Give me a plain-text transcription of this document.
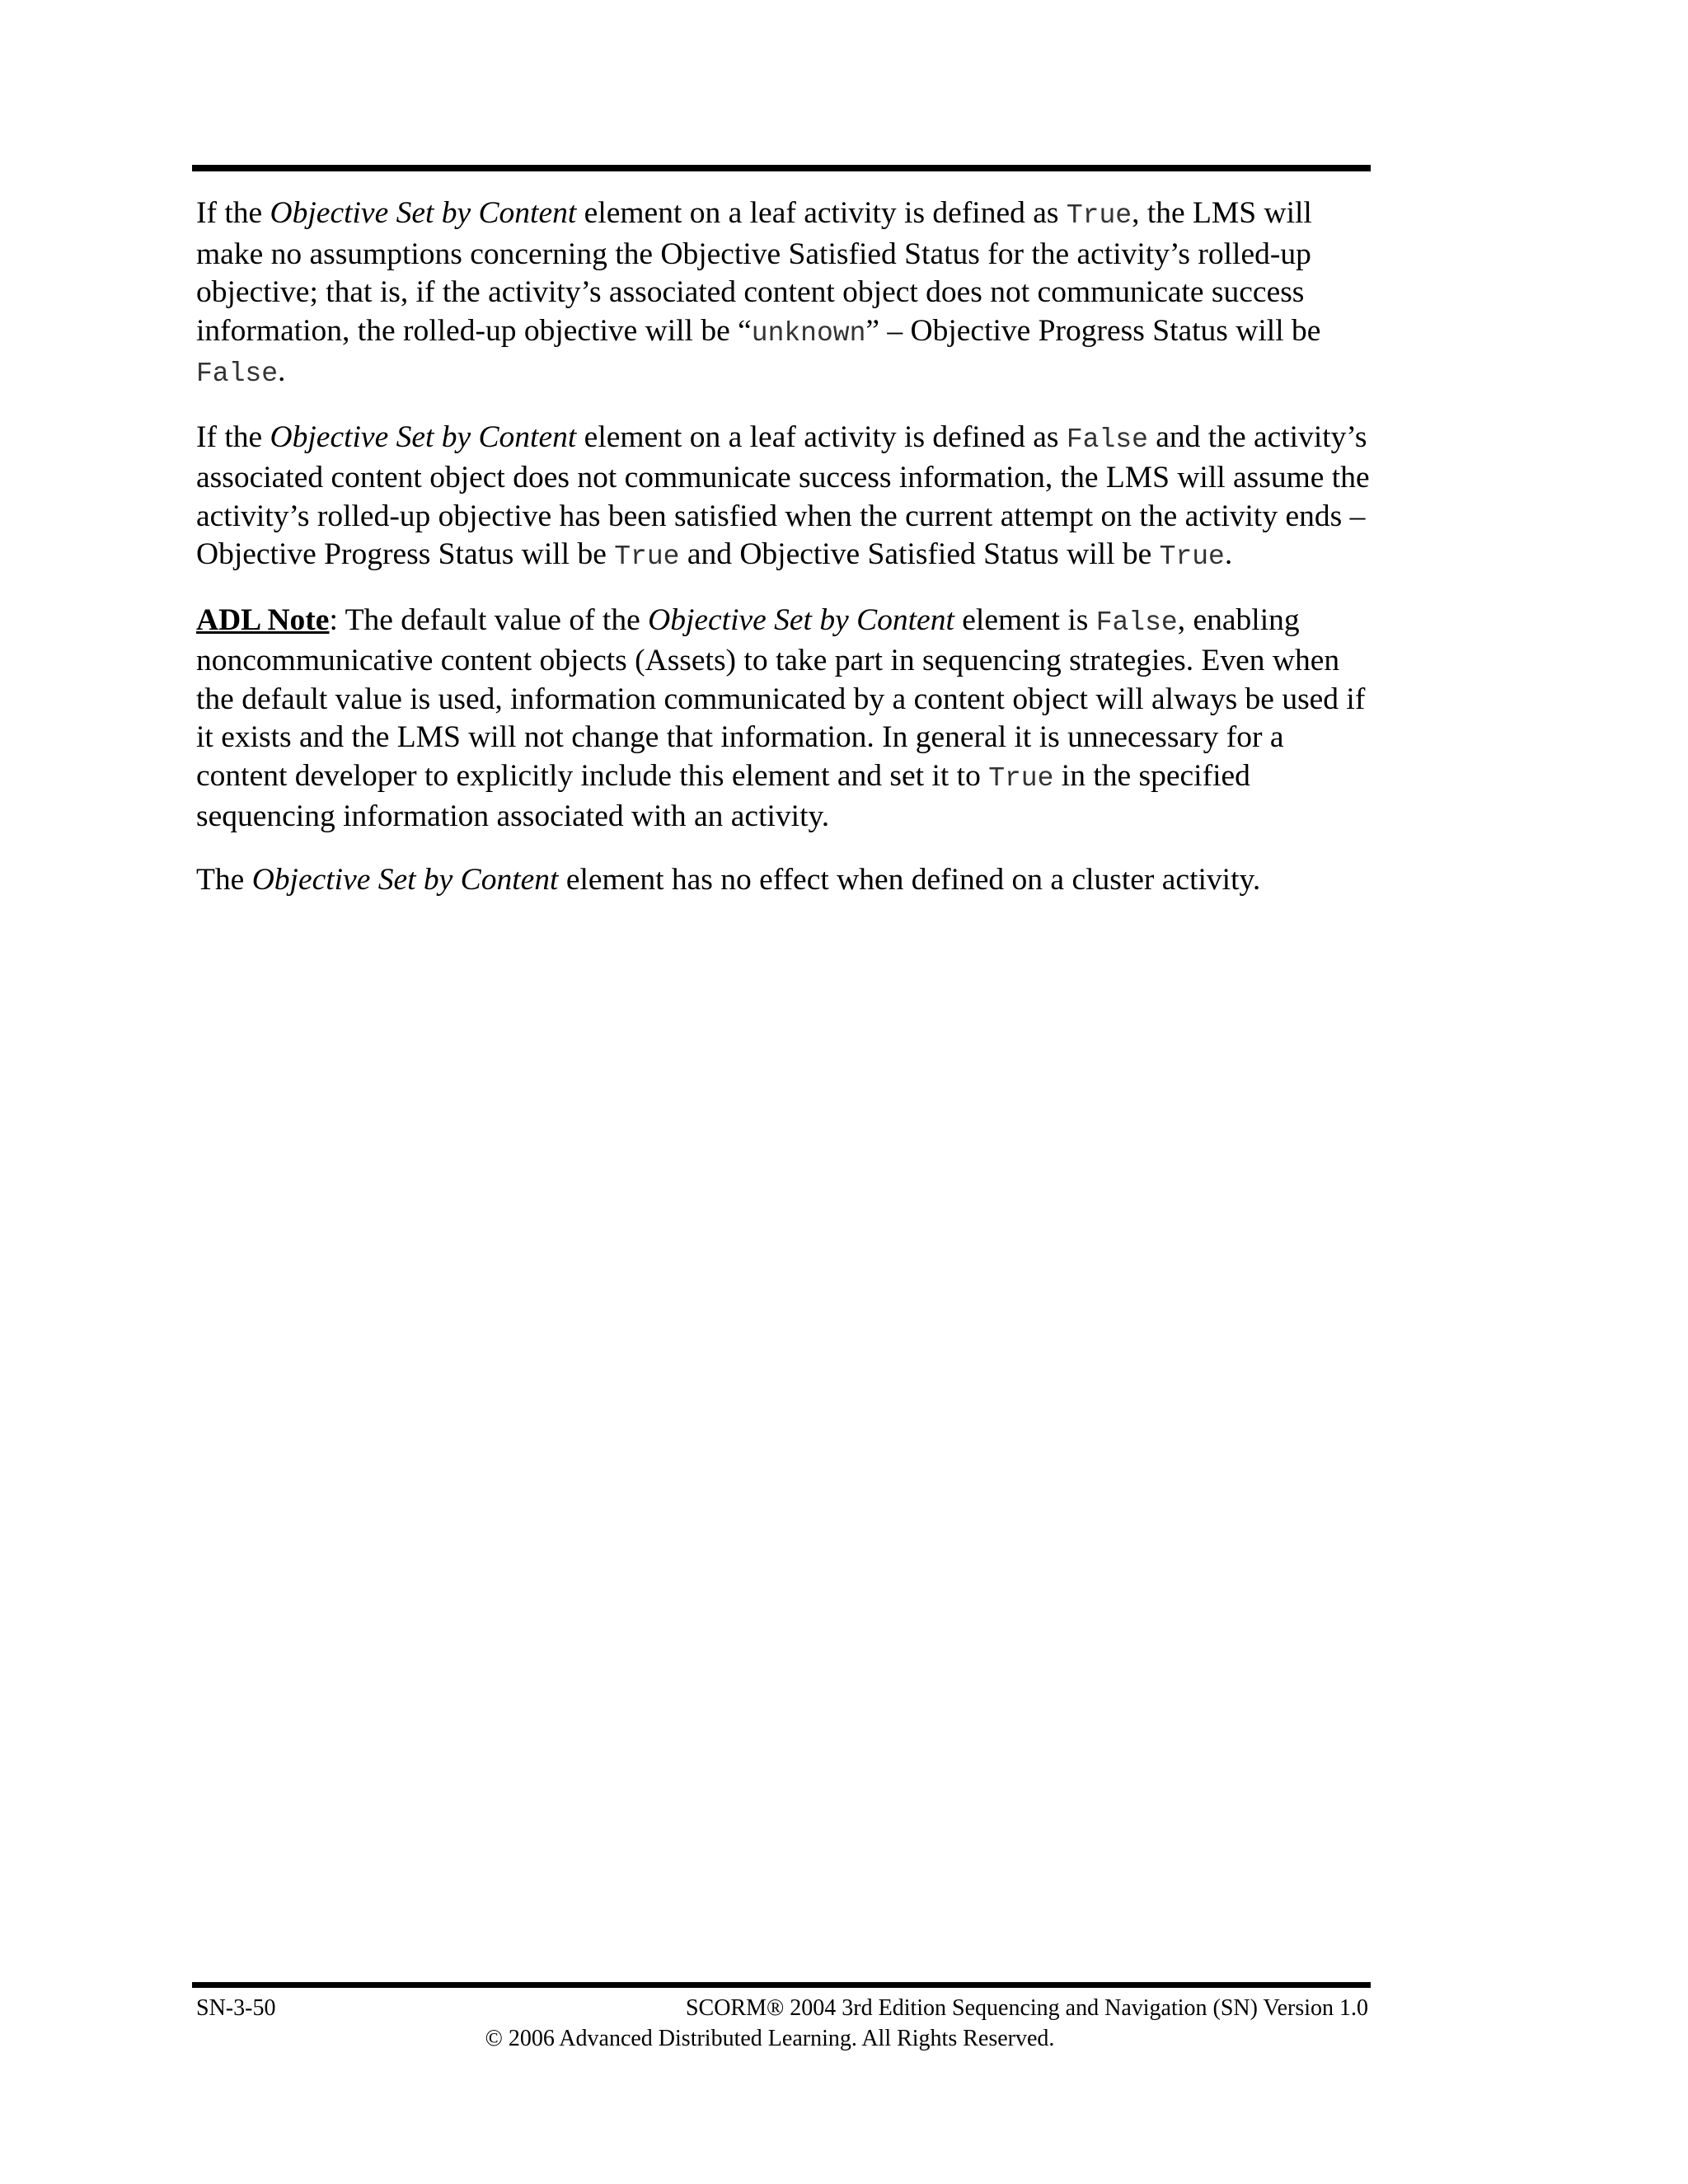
If the Objective Set by Content element on a leaf activity is defined as True, the LMS will make no assumptions concerning the Objective Satisfied Status for the activity’s rolled-up objective; that is, if the activity’s associated content object does not communicate success information, the rolled-up objective will be “unknown” – Objective Progress Status will be False.

If the Objective Set by Content element on a leaf activity is defined as False and the activity’s associated content object does not communicate success information, the LMS will assume the activity’s rolled-up objective has been satisfied when the current attempt on the activity ends – Objective Progress Status will be True and Objective Satisfied Status will be True.

ADL Note: The default value of the Objective Set by Content element is False, enabling noncommunicative content objects (Assets) to take part in sequencing strategies. Even when the default value is used, information communicated by a content object will always be used if it exists and the LMS will not change that information. In general it is unnecessary for a content developer to explicitly include this element and set it to True in the specified sequencing information associated with an activity.

The Objective Set by Content element has no effect when defined on a cluster activity.

SN-3-50	SCORM® 2004 3rd Edition Sequencing and Navigation (SN) Version 1.0
© 2006 Advanced Distributed Learning. All Rights Reserved.
